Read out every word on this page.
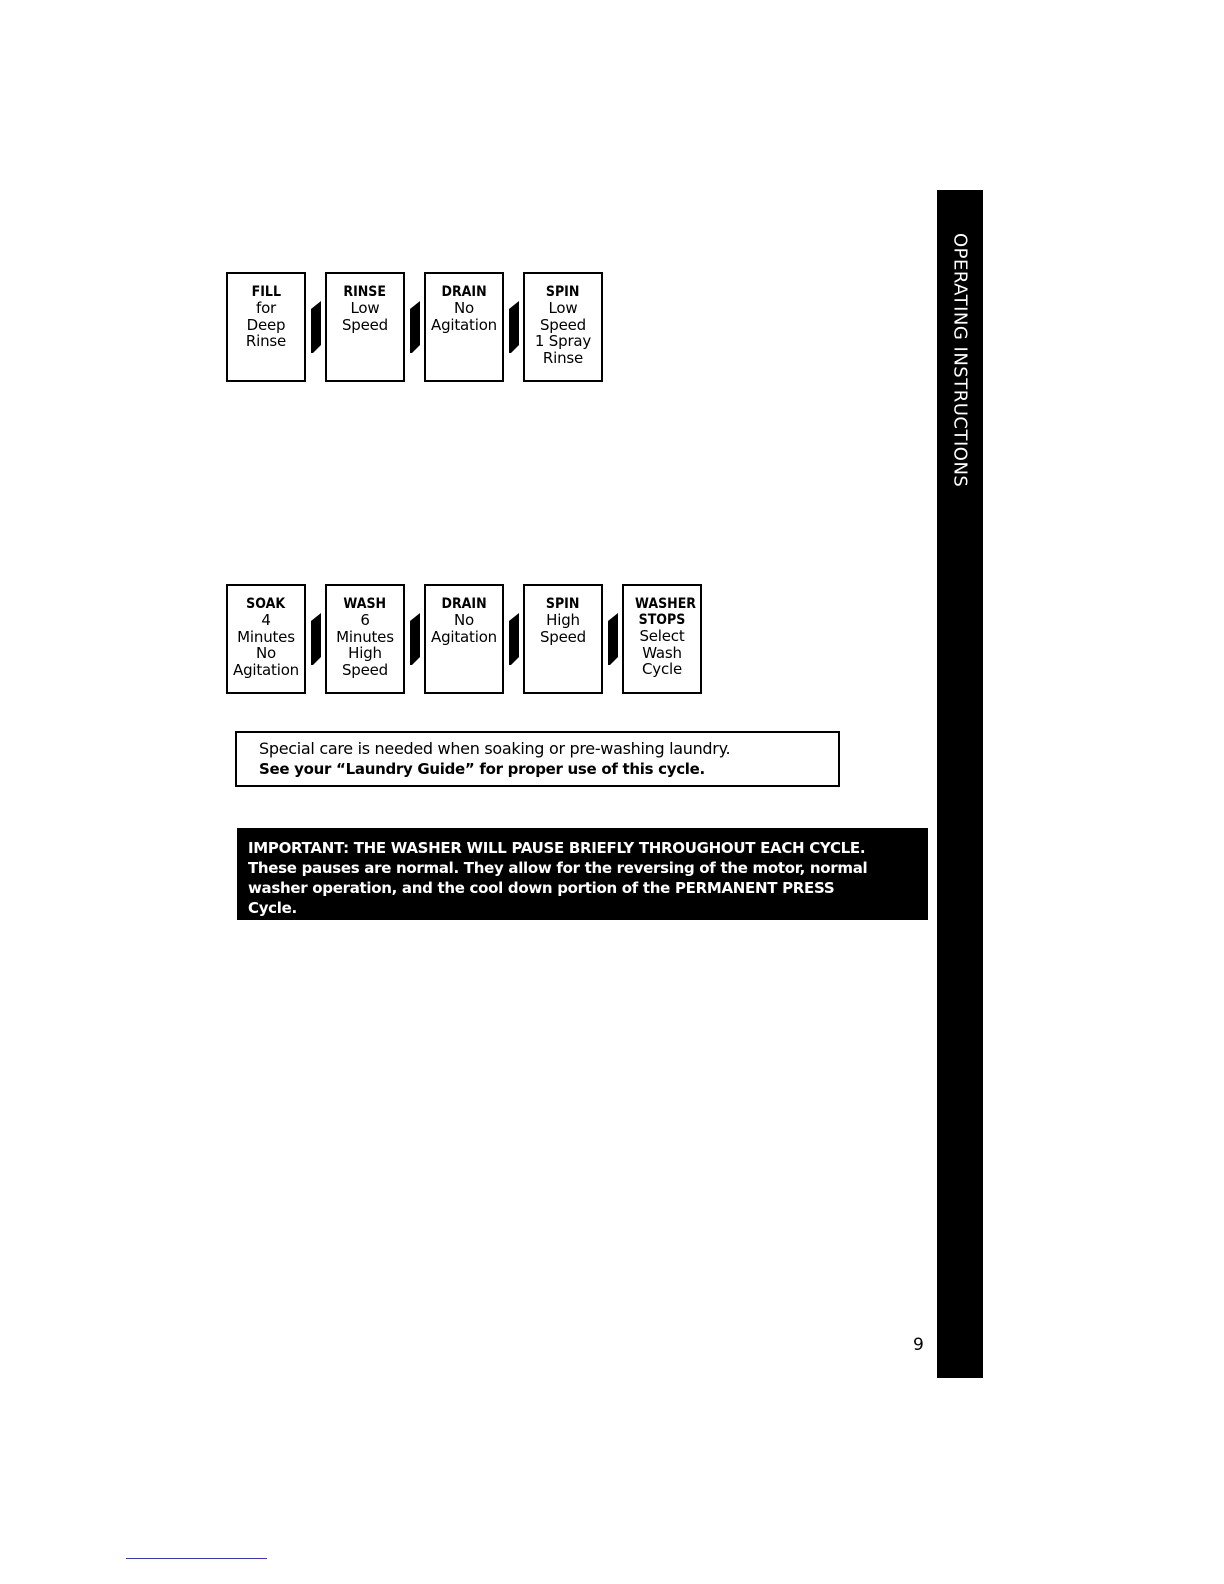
OPERATING INSTRUCTIONS
FILL
for
Deep
Rinse
RINSE
Low
Speed
DRAIN
No
Agitation
SPIN
Low
Speed
1 Spray
Rinse
SOAK
4
Minutes
No
Agitation
WASH
6
Minutes
High
Speed
DRAIN
No
Agitation
SPIN
High
Speed
WASHER STOPS
Select
Wash
Cycle
Special care is needed when soaking or pre-washing laundry.
See your “Laundry Guide” for proper use of this cycle.
IMPORTANT: THE WASHER WILL PAUSE BRIEFLY THROUGHOUT EACH CYCLE.
These pauses are normal. They allow for the reversing of the motor, normal
washer operation, and the cool down portion of the PERMANENT PRESS
Cycle.
9
